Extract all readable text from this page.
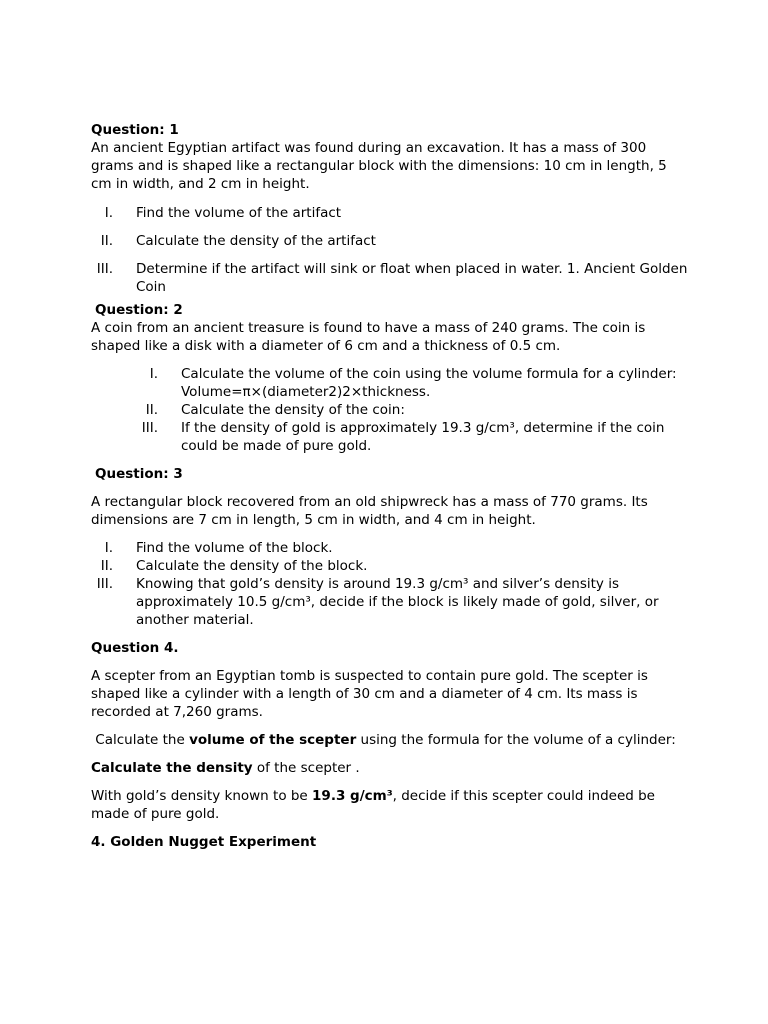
Question: 1

An ancient Egyptian artifact was found during an excavation. It has a mass of 300 grams and is shaped like a rectangular block with the dimensions: 10 cm in length, 5 cm in width, and 2 cm in height.

I. Find the volume of the artifact
II. Calculate the density of the artifact
III. Determine if the artifact will sink or float when placed in water. 1. Ancient Golden Coin

Question: 2

A coin from an ancient treasure is found to have a mass of 240 grams. The coin is shaped like a disk with a diameter of 6 cm and a thickness of 0.5 cm.

I. Calculate the volume of the coin using the volume formula for a cylinder: Volume=π×(diameter2)2×thickness.
II. Calculate the density of the coin:
III. If the density of gold is approximately 19.3 g/cm³, determine if the coin could be made of pure gold.

Question: 3

A rectangular block recovered from an old shipwreck has a mass of 770 grams. Its dimensions are 7 cm in length, 5 cm in width, and 4 cm in height.

I. Find the volume of the block.
II. Calculate the density of the block.
III. Knowing that gold’s density is around 19.3 g/cm³ and silver’s density is approximately 10.5 g/cm³, decide if the block is likely made of gold, silver, or another material.

Question 4.

A scepter from an Egyptian tomb is suspected to contain pure gold. The scepter is shaped like a cylinder with a length of 30 cm and a diameter of 4 cm. Its mass is recorded at 7,260 grams.

Calculate the volume of the scepter using the formula for the volume of a cylinder:

Calculate the density of the scepter .

With gold’s density known to be 19.3 g/cm³, decide if this scepter could indeed be made of pure gold.

4. Golden Nugget Experiment
